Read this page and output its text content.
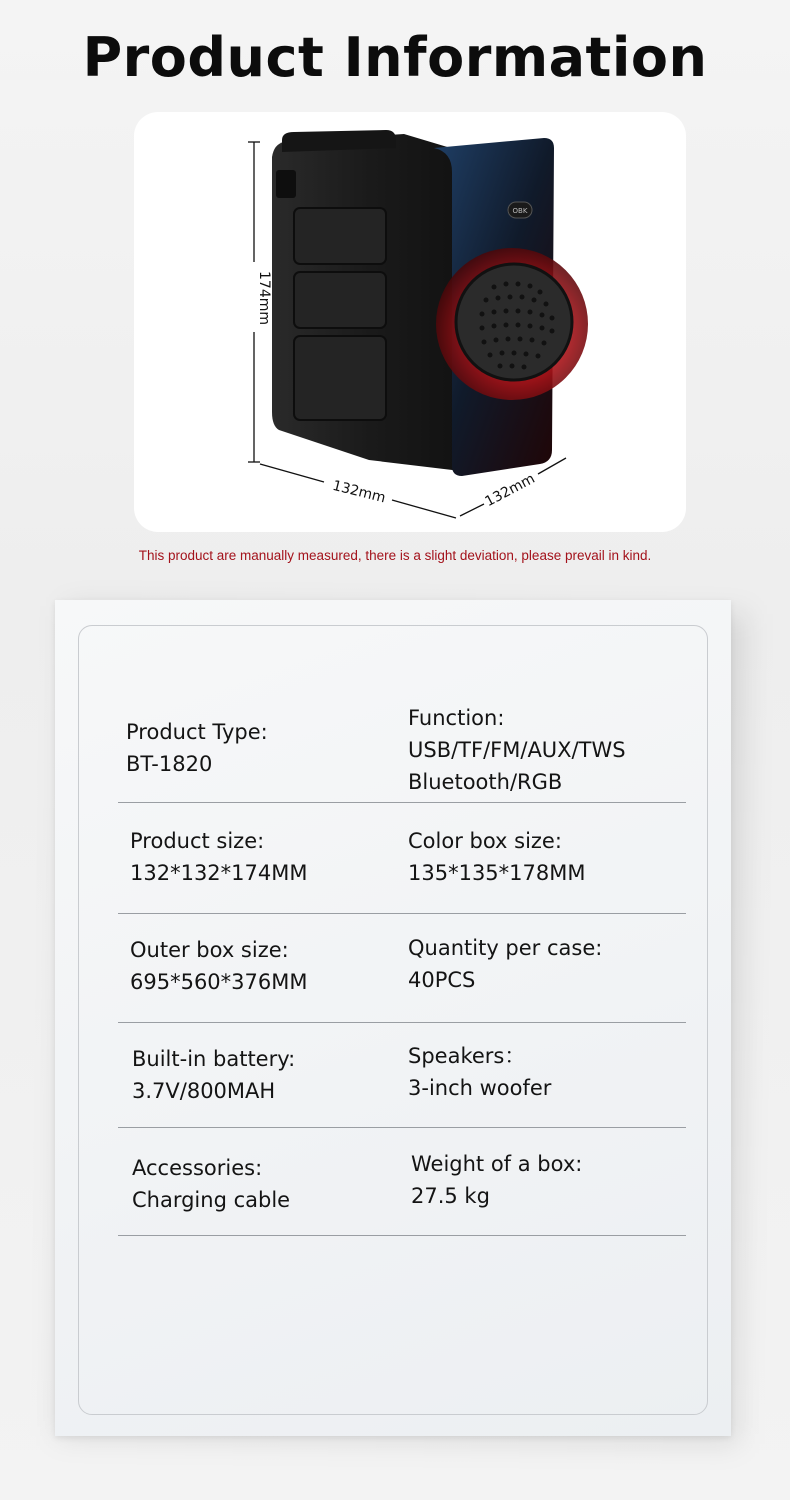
Product Information
OBK
174mm
132mm	132mm
This product are manually measured, there is a slight deviation, please prevail in kind.
Product Type:
BT-1820
Function:
USB/TF/FM/AUX/TWS
Bluetooth/RGB
Product size:
132*132*174MM
Color box size:
135*135*178MM
Outer box size:
695*560*376MM
Quantity per case:
40PCS
Built-in battery:
3.7V/800MAH
Speakers：
3-inch woofer
Accessories:
Charging cable
Weight of a box:
27.5 kg
